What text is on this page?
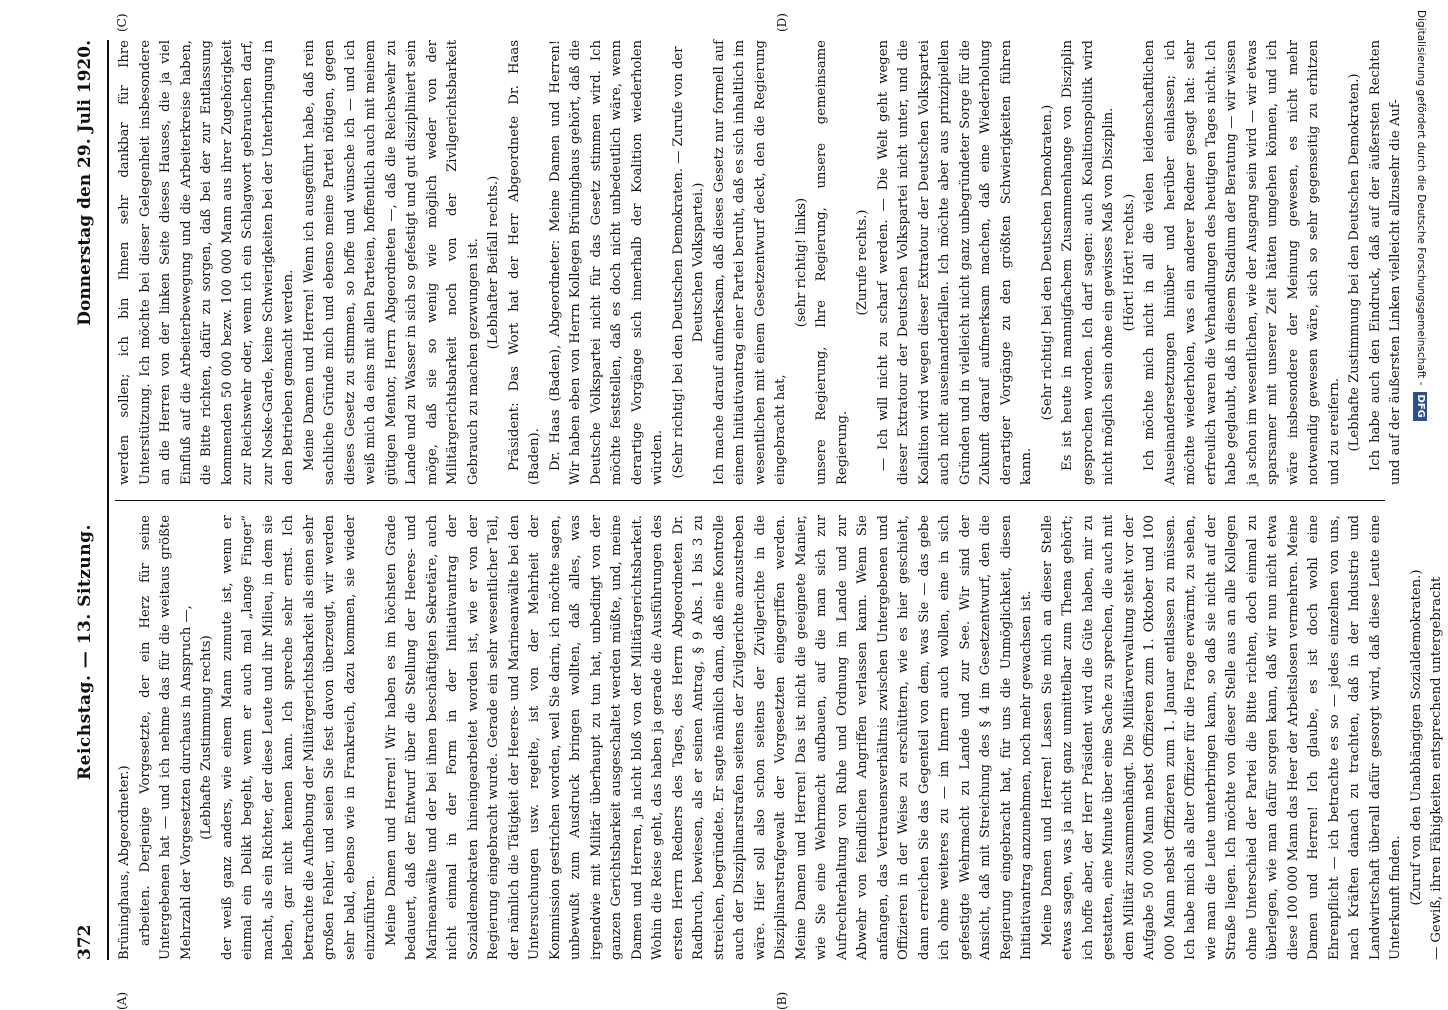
372
Reichstag. — 13. Sitzung.
Donnerstag den 29. Juli 1920.
(A)	(B)
(C)	(D)

Brüninghaus, Abgeordneter.) arbeiten. Derjenige Vorgesetzte, der ein Herz für seine Untergebenen hat — und ich nehme das für die weitaus größte Mehrzahl der Vorgesetzten durchaus in Anspruch —, (Lebhafte Zustimmung rechts) der weiß ganz anders, wie einem Mann zumute ist, wenn er einmal ein Delikt begeht, wenn er auch mal „lange Finger“ macht, als ein Richter, der diese Leute und ihr Milieu, in dem sie leben, gar nicht kennen kann. Ich spreche sehr ernst. Ich betrachte die Aufhebung der Militärgerichtsbarkeit als einen sehr großen Fehler, und seien Sie fest davon überzeugt, wir werden sehr bald, ebenso wie in Frankreich, dazu kommen, sie wieder einzuführen. Meine Damen und Herren! Wir haben es im höchsten Grade bedauert, daß der Entwurf über die Stellung der Heeres- und Marineanwälte und der bei ihnen beschäftigten Sekretäre, auch nicht einmal in der Form in der Initiativantrag der Sozialdemokraten hineingearbeitet worden ist, wie er von der Regierung eingebracht wurde. Gerade ein sehr wesentlicher Teil, der nämlich die Tätigkeit der Heeres- und Marineanwälte bei den Untersuchungen usw. regelte, ist von der Mehrheit der Kommission gestrichen worden, weil Sie darin, ich möchte sagen, unbewußt zum Ausdruck bringen wollten, daß alles, was irgendwie mit Militär überhaupt zu tun hat, unbedingt von der ganzen Gerichtsbarkeit ausgeschaltet werden müßte, und, meine Damen und Herren, ja nicht bloß von der Militärgerichtsbarkeit. Wohin die Reise geht, das haben ja gerade die Ausführungen des ersten Herrn Redners des Tages, des Herrn Abgeordneten Dr. Radbruch, bewiesen, als er seinen Antrag, § 9 Abs. 1 bis 3 zu streichen, begründete. Er sagte nämlich dann, daß eine Kontrolle auch der Disziplinarstrafen seitens der Zivilgerichte anzustreben wäre. Hier soll also schon seitens der Zivilgerichte in die Disziplinarstrafgewalt der Vorgesetzten eingegriffen werden. Meine Damen und Herren! Das ist nicht die geeignete Manier, wie Sie eine Wehrmacht aufbauen, auf die man sich zur Aufrechterhaltung von Ruhe und Ordnung im Lande und zur Abwehr von feindlichen Angriffen verlassen kann. Wenn Sie anfangen, das Vertrauensverhältnis zwischen Untergebenen und Offizieren in der Weise zu erschüttern, wie es hier geschieht, dann erreichen Sie das Gegenteil von dem, was Sie — das gebe ich ohne weiteres zu — im Innern auch wollen, eine in sich gefestigte Wehrmacht zu Lande und zur See. Wir sind der Ansicht, daß mit Streichung des § 4 im Gesetzentwurf, den die Regierung eingebracht hat, für uns die Unmöglichkeit, diesen Initiativantrag anzunehmen, noch mehr gewachsen ist. Meine Damen und Herren! Lassen Sie mich an dieser Stelle etwas sagen, was ja nicht ganz unmittelbar zum Thema gehört; ich hoffe aber, der Herr Präsident wird die Güte haben, mir zu gestatten, eine Minute über eine Sache zu sprechen, die auch mit dem Militär zusammenhängt. Die Militärverwaltung steht vor der Aufgabe 50 000 Mann nebst Offizieren zum 1. Oktober und 100 000 Mann nebst Offizieren zum 1. Januar entlassen zu müssen. Ich habe mich als alter Offizier für die Frage erwärmt, zu sehen, wie man die Leute unterbringen kann, so daß sie nicht auf der Straße liegen. Ich möchte von dieser Stelle aus an alle Kollegen ohne Unterschied der Partei die Bitte richten, doch einmal zu überlegen, wie man dafür sorgen kann, daß wir nun nicht etwa diese 100 000 Mann das Heer der Arbeitslosen vermehren. Meine Damen und Herren! Ich glaube, es ist doch wohl eine Ehrenpflicht — ich betrachte es so — jedes einzelnen von uns, nach Kräften danach zu trachten, daß in der Industrie und Landwirtschaft überall dafür gesorgt wird, daß diese Leute eine Unterkunft finden. (Zuruf von den Unabhängigen Sozialdemokraten.) — Gewiß, ihren Fähigkeiten entsprechend untergebracht

werden sollen; ich bin Ihnen sehr dankbar für Ihre Unterstützung. Ich möchte bei dieser Gelegenheit insbesondere an die Herren von der linken Seite dieses Hauses, die ja viel Einfluß auf die Arbeiterbewegung und die Arbeiterkreise haben, die Bitte richten, dafür zu sorgen, daß bei der zur Entlassung kommenden 50 000 bezw. 100 000 Mann aus ihrer Zugehörigkeit zur Reichswehr oder, wenn ich ein Schlagwort gebrauchen darf, zur Noske-Garde, keine Schwierigkeiten bei der Unterbringung in den Betrieben gemacht werden. Meine Damen und Herren! Wenn ich ausgeführt habe, daß rein sachliche Gründe mich und ebenso meine Partei nötigen, gegen dieses Gesetz zu stimmen, so hoffe und wünsche ich — und ich weiß mich da eins mit allen Parteien, hoffentlich auch mit meinem gütigen Mentor, Herrn Abgeordneten —, daß die Reichswehr zu Lande und zu Wasser in sich so gefestigt und gut diszipliniert sein möge, daß sie so wenig wie möglich weder von der Militärgerichtsbarkeit noch von der Zivilgerichtsbarkeit Gebrauch zu machen gezwungen ist. (Lebhafter Beifall rechts.) Präsident: Das Wort hat der Herr Abgeordnete Dr. Haas (Baden). Dr. Haas (Baden), Abgeordneter: Meine Damen und Herren! Wir haben eben von Herrn Kollegen Brüninghaus gehört, daß die Deutsche Volkspartei nicht für das Gesetz stimmen wird. Ich möchte feststellen, daß es doch nicht unbedeutlich wäre, wenn derartige Vorgänge sich innerhalb der Koalition wiederholen würden. (Sehr richtig! bei den Deutschen Demokraten. — Zurufe von der Deutschen Volkspartei.) Ich mache darauf aufmerksam, daß dieses Gesetz nur formell auf einem Initiativantrag einer Partei beruht, daß es sich inhaltlich im wesentlichen mit einem Gesetzentwurf deckt, den die Regierung eingebracht hat,

(sehr richtig! links) unsere Regierung, Ihre Regierung, unsere gemeinsame Regierung.

(Zurufe rechts.) — Ich will nicht zu scharf werden. — Die Welt geht wegen dieser Extratour der Deutschen Volkspartei nicht unter, und die Koalition wird wegen dieser Extratour der Deutschen Volkspartei auch nicht auseinanderfallen. Ich möchte aber aus prinzipiellen Gründen und in vielleicht nicht ganz unbegründeter Sorge für die Zukunft darauf aufmerksam machen, daß eine Wiederholung derartiger Vorgänge zu den größten Schwierigkeiten führen kann.

(Sehr richtig! bei den Deutschen Demokraten.) Es ist heute in mannigfachem Zusammenhange von Disziplin gesprochen worden. Ich darf sagen: auch Koalitionspolitik wird nicht möglich sein ohne ein gewisses Maß von Disziplin. (Hört! Hört! rechts.) Ich möchte mich nicht in all die vielen leidenschaftlichen Auseinandersetzungen hinüber und herüber einlassen; ich möchte wiederholen, was ein anderer Redner gesagt hat: sehr erfreulich waren die Verhandlungen des heutigen Tages nicht. Ich habe geglaubt, daß in diesem Stadium der Beratung — wir wissen ja schon im wesentlichen, wie der Ausgang sein wird — wir etwas sparsamer mit unserer Zeit hätten umgehen können, und ich wäre insbesondere der Meinung gewesen, es nicht mehr notwendig gewesen wäre, sich so sehr gegenseitig zu erhitzen und zu ereifern. (Lebhafte Zustimmung bei den Deutschen Demokraten.) Ich habe auch den Eindruck, daß auf der äußersten Rechten und auf der äußersten Linken vielleicht allzusehr die Auf-	Digitalisierung gefördert durch die Deutsche Forschungsgemeinschaft -DFG
